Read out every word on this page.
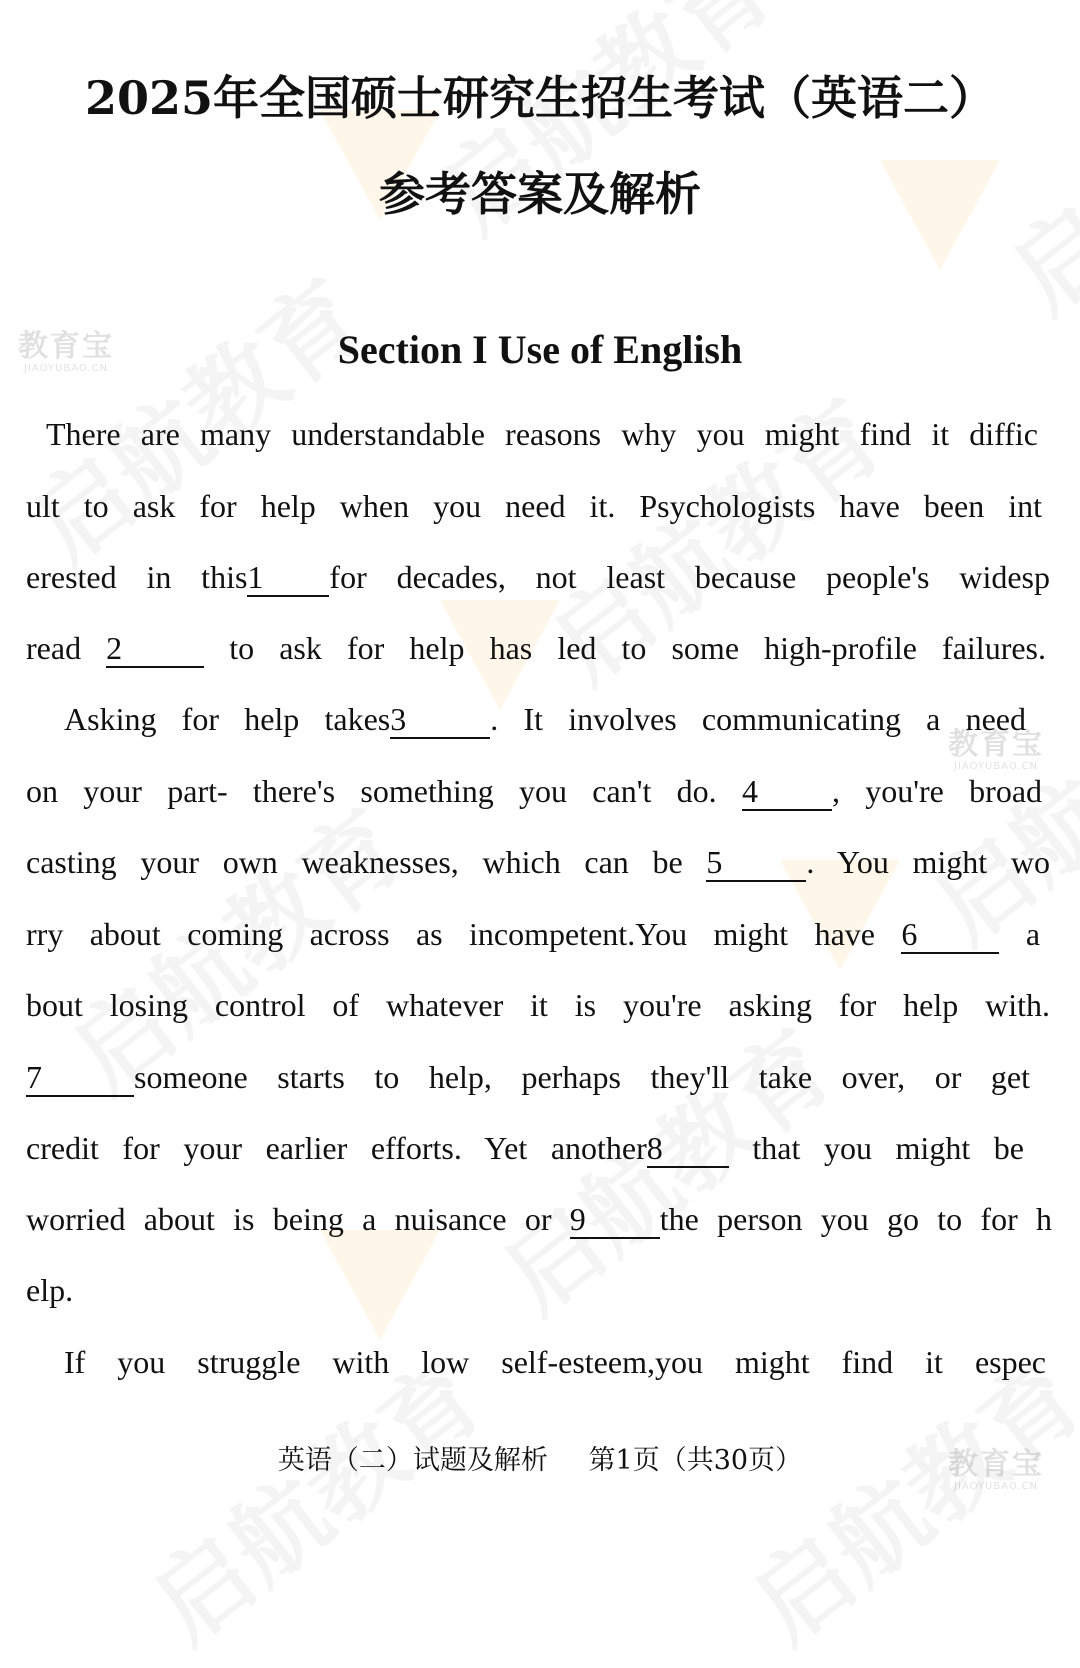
教育宝
JIAOYUBAO.CN
教育宝
JIAOYUBAO.CN
教育宝
JIAOYUBAO.CN
2025年全国硕士研究生招生考试（英语二）
参考答案及解析
Section I Use of English
There are many understandable reasons why you might find it diffic
ult to ask for help when you need it. Psychologists have been int
erested in this1 for decades, not least because people's widesp
read 2	to ask for help has led to some high-profile failures.
Asking for help takes3	. It involves communicating a need
on your part- there's something you can't do. 4 , you're broad
casting your own weaknesses, which can be 5	. You might wo
rry about coming across as incompetent.You might have 6	a
bout losing control of whatever it is you're asking for help with.
7	someone starts to help, perhaps they'll take over, or get
credit for your earlier efforts. Yet another8	that you might be
worried about is being a nuisance or 9 the person you go to for h
elp.
If you struggle with low self-esteem,you might find it espec
英语（二）试题及解析 第1页（共30页）
